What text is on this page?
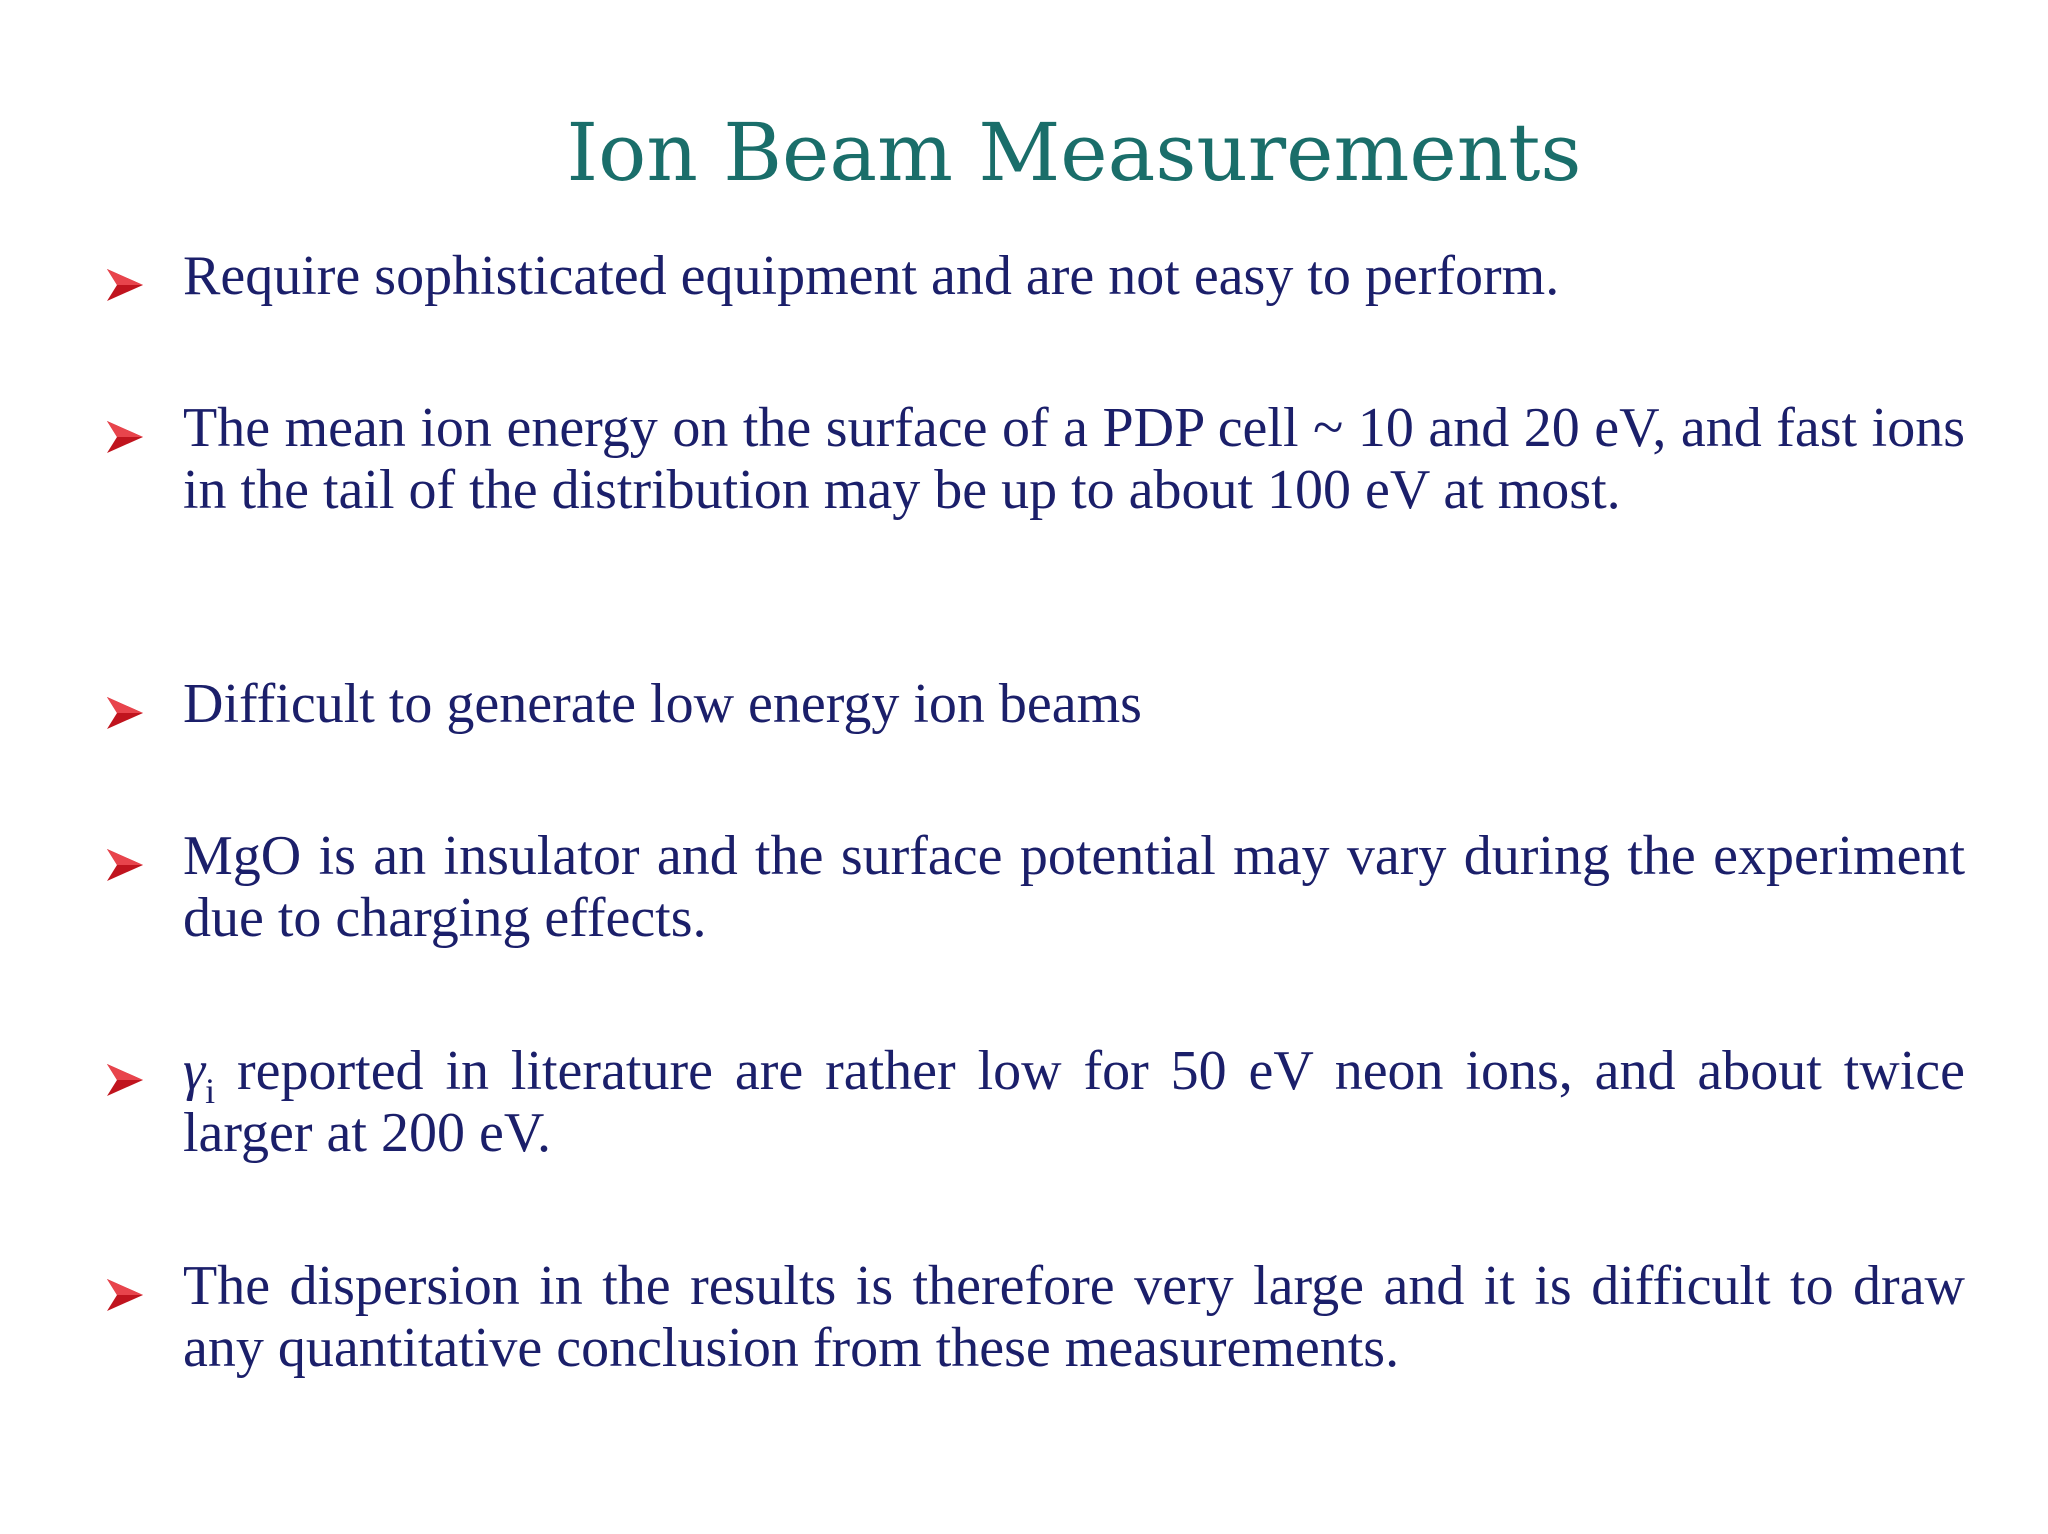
Ion Beam Measurements
Require sophisticated equipment and are not easy to perform.
The mean ion energy on the surface of a PDP cell ~ 10 and 20 eV, and fast ions in the tail of the distribution may be up to about 100 eV at most.
Difficult to generate low energy ion beams
MgO is an insulator and the surface potential may vary during the experiment due to charging effects.
$\gamma_i$ reported in literature are rather low for 50 eV neon ions, and about twice larger at 200 eV.
The dispersion in the results is therefore very large and it is difficult to draw any quantitative conclusion from these measurements.
